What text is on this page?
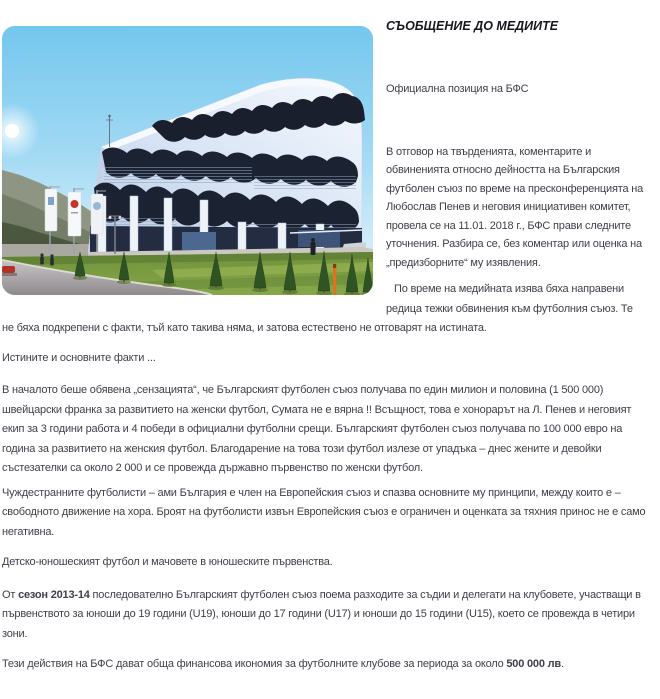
СЪОБЩЕНИЕ ДО МЕДИИТЕ

Официална позиция на БФС

В отговор на твърденията, коментарите и обвиненията относно дейността на Българския футболен съюз по време на пресконференцията на Любослав Пенев и неговия инициативен комитет, провела се на 11.01. 2018 г., БФС прави следните уточнения. Разбира се, без коментар или оценка на „предизборните“ му изявления.

По време на медийната изява бяха направени редица тежки обвинения към футболния съюз. Те не бяха подкрепени с факти, тъй като такива няма, и затова естествено не отговарят на истината.

Истините и основните факти ...

В началото беше обявена „сензацията“, че Българският футболен съюз получава по един милион и половина (1 500 000) швейцарски франка за развитието на женски футбол, Сумата не е вярна !! Всъщност, това е хонорарът на Л. Пенев и неговият екип за 3 години работа и 4 победи в официални футболни срещи. Българският футболен съюз получава по 100 000 евро на година за развитието на женския футбол. Благодарение на това този футбол излезе от упадъка – днес жените и девойки състезателки са около 2 000 и се провежда държавно първенство по женски футбол.

Чуждестранните футболисти – ами България е член на Европейския съюз и спазва основните му принципи, между които е – свободното движение на хора. Броят на футболисти извън Европейския съюз е ограничен и оценката за тяхния принос не е само негативна.

Детско-юношеският футбол и мачовете в юношеските първенства.

От сезон 2013-14 последователно Българският футболен съюз поема разходите за съдии и делегати на клубовете, участващи в първенството за юноши до 19 години (U19), юноши до 17 години (U17) и юноши до 15 години (U15), което се провежда в четири зони.

Тези действия на БФС дават обща финансова икономия за футболните клубове за периода за около 500 000 лв.
